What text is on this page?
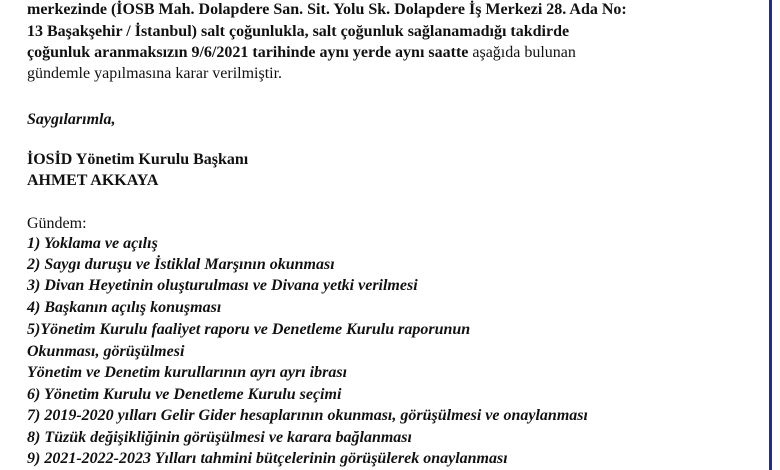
merkezinde (İOSB Mah. Dolapdere San. Sit. Yolu Sk. Dolapdere İş Merkezi 28. Ada No:
13 Başakşehir / İstanbul) salt çoğunlukla, salt çoğunluk sağlanamadığı takdirde
çoğunluk aranmaksızın 9/6/2021 tarihinde aynı yerde aynı saatte aşağıda bulunan
gündemle yapılmasına karar verilmiştir.
Saygılarımla,
İOSİD Yönetim Kurulu Başkanı
AHMET AKKAYA
Gündem:
1) Yoklama ve açılış
2) Saygı duruşu ve İstiklal Marşının okunması
3) Divan Heyetinin oluşturulması ve Divana yetki verilmesi
4) Başkanın açılış konuşması
5)Yönetim Kurulu faaliyet raporu ve Denetleme Kurulu raporunun
Okunması, görüşülmesi
Yönetim ve Denetim kurullarının ayrı ayrı ibrası
6) Yönetim Kurulu ve Denetleme Kurulu seçimi
7) 2019-2020 yılları Gelir Gider hesaplarının okunması, görüşülmesi ve onaylanması
8) Tüzük değişikliğinin görüşülmesi ve karara bağlanması
9) 2021-2022-2023 Yılları tahmini bütçelerinin görüşülerek onaylanması
